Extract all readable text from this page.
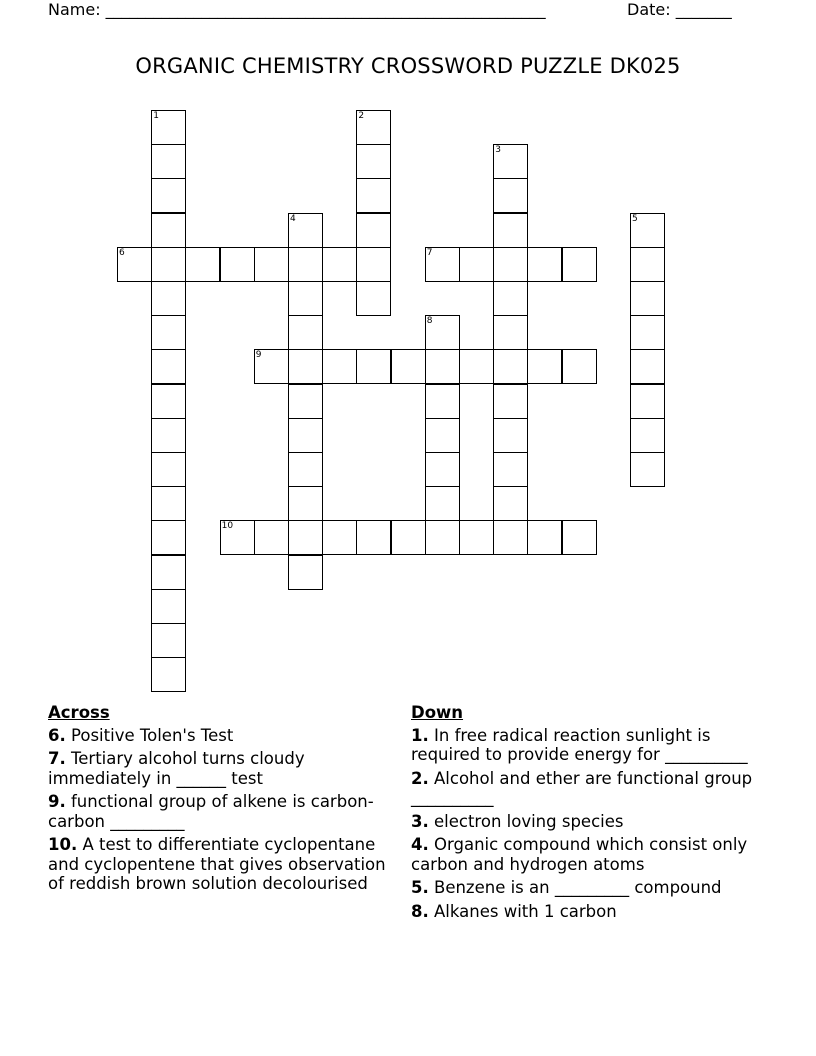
Name: _______________________________________________________	Date: _______
ORGANIC CHEMISTRY CROSSWORD PUZZLE DK025
1	2
3
4	5
6	7
8
9
10
Across
6. Positive Tolen's Test
7. Tertiary alcohol turns cloudy immediately in ______ test
9. functional group of alkene is carbon-carbon _________
10. A test to differentiate cyclopentane and cyclopentene that gives observation of reddish brown solution decolourised
Down
1. In free radical reaction sunlight is required to provide energy for __________
2. Alcohol and ether are functional group __________
3. electron loving species
4. Organic compound which consist only carbon and hydrogen atoms
5. Benzene is an _________ compound
8. Alkanes with 1 carbon
